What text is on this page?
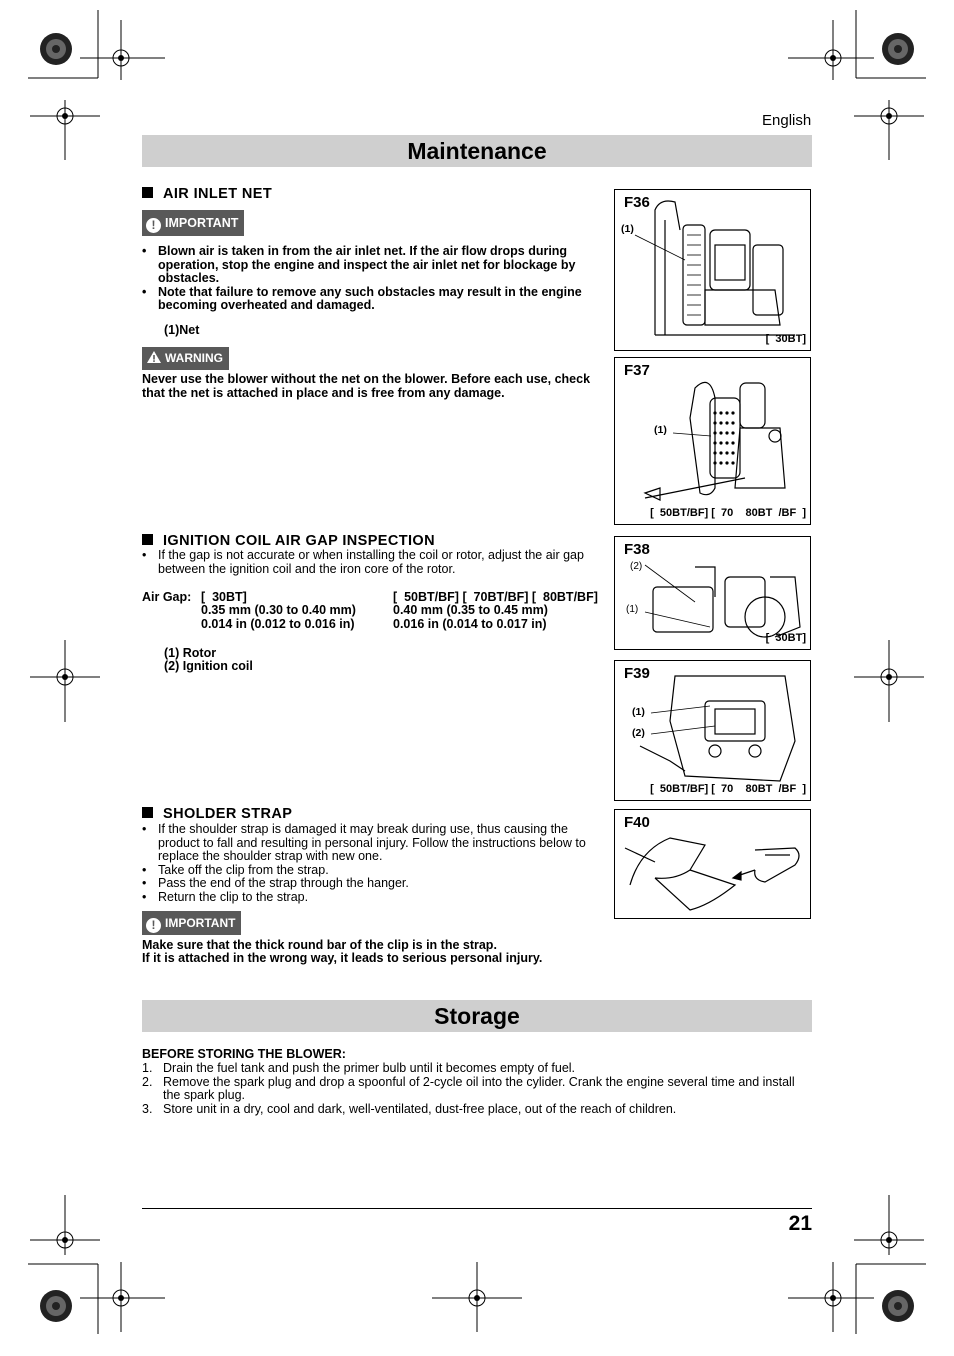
English
Maintenance
AIR INLET NET
! IMPORTANT
• Blown air is taken in from the air inlet net. If the air flow drops during operation, stop the engine and inspect the air inlet net for blockage by obstacles.
• Note that failure to remove any such obstacles may result in the engine becoming overheated and damaged.
(1)Net
WARNING
Never use the blower without the net on the blower. Before each use, check that the net is attached in place and is free from any damage.
IGNITION COIL AIR GAP INSPECTION
• If the gap is not accurate or when installing the coil or rotor, adjust the air gap between the ignition coil and the iron core of the rotor.
Air Gap: [  30BT]
0.35 mm (0.30 to 0.40 mm)
0.014 in (0.012 to 0.016 in)
[  50BT/BF] [  70BT/BF] [  80BT/BF]
0.40 mm (0.35 to 0.45 mm)
0.016 in (0.014 to 0.017 in)
(1) Rotor
(2) Ignition coil
SHOLDER STRAP
• If the shoulder strap is damaged it may break during use, thus causing the product to fall and resulting in personal injury. Follow the instructions below to replace the shoulder strap with new one.
• Take off the clip from the strap.
• Pass the end of the strap through the hanger.
• Return the clip to the strap.
! IMPORTANT
Make sure that the thick round bar of the clip is in the strap.
If it is attached in the wrong way, it leads to serious personal injury.
F36
(1)
[  30BT]
F37
(1)
[  50BT/BF] [  70    80BT  /BF  ]
F38
(2)
(1)
[  30BT]
F39
(1)
(2)
[  50BT/BF] [  70    80BT  /BF  ]
F40
Storage
BEFORE STORING THE BLOWER:
1. Drain the fuel tank and push the primer bulb until it becomes empty of fuel.
2. Remove the spark plug and drop a spoonful of 2-cycle oil into the cylider. Crank the engine several time and install the spark plug.
3. Store unit in a dry, cool and dark, well-ventilated, dust-free place, out of the reach of children.
21
